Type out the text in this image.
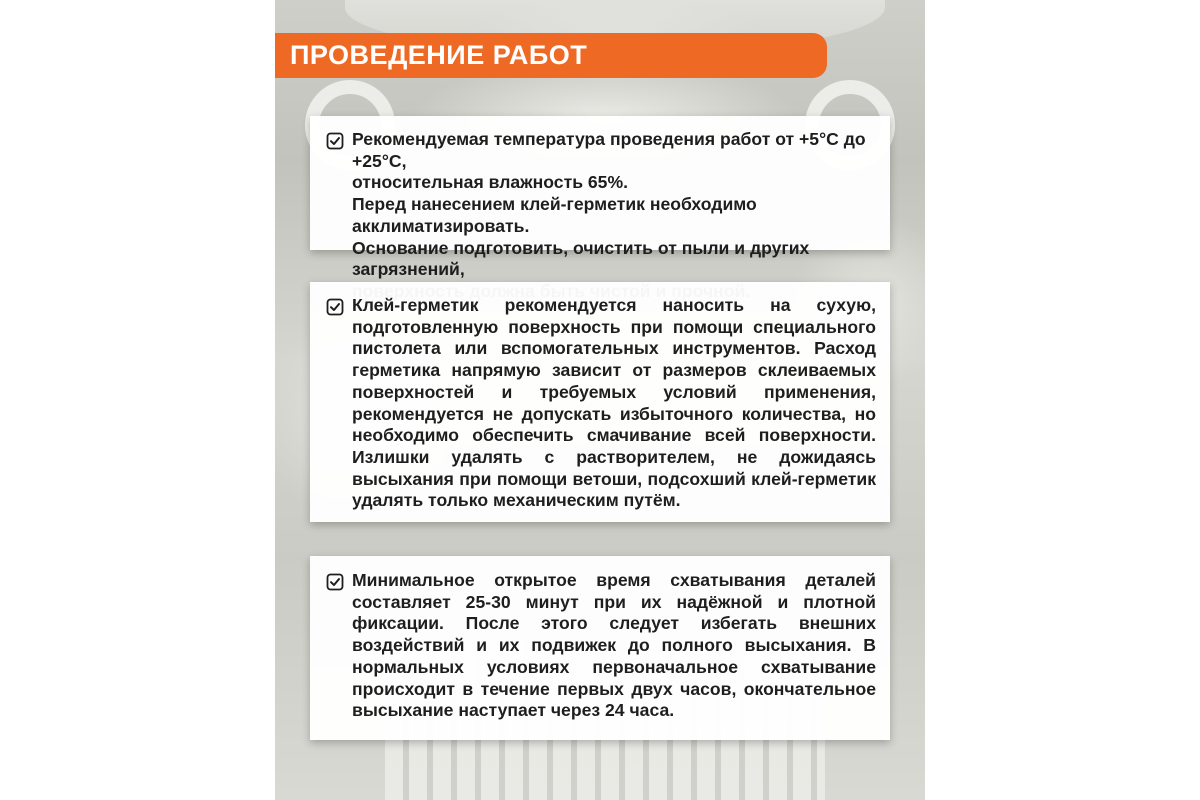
ПРОВЕДЕНИЕ РАБОТ
Рекомендуемая температура проведения работ от +5°С до +25°С,
относительная влажность 65%.
Перед нанесением клей-герметик необходимо акклиматизировать.
Основание подготовить, очистить от пыли и других загрязнений,
Клей-герметик рекомендуется наносить на сухую, подготовленную поверхность при помощи специального пистолета или вспомогательных инструментов. Расход герметика напрямую зависит от размеров склеиваемых поверхностей и требуемых условий применения, рекомендуется не допускать избыточного количества, но необходимо обеспечить смачивание всей поверхности. Излишки удалять с растворителем, не дожидаясь высыхания при помощи ветоши, подсохший клей-герметик удалять только механическим путём.
Минимальное открытое время схватывания деталей составляет 25-30 минут при их надёжной и плотной фиксации. После этого следует избегать внешних воздействий и их подвижек до полного высыхания. В нормальных условиях первоначальное схватывание происходит в течение первых двух часов, окончательное высыхание наступает через 24 часа.
